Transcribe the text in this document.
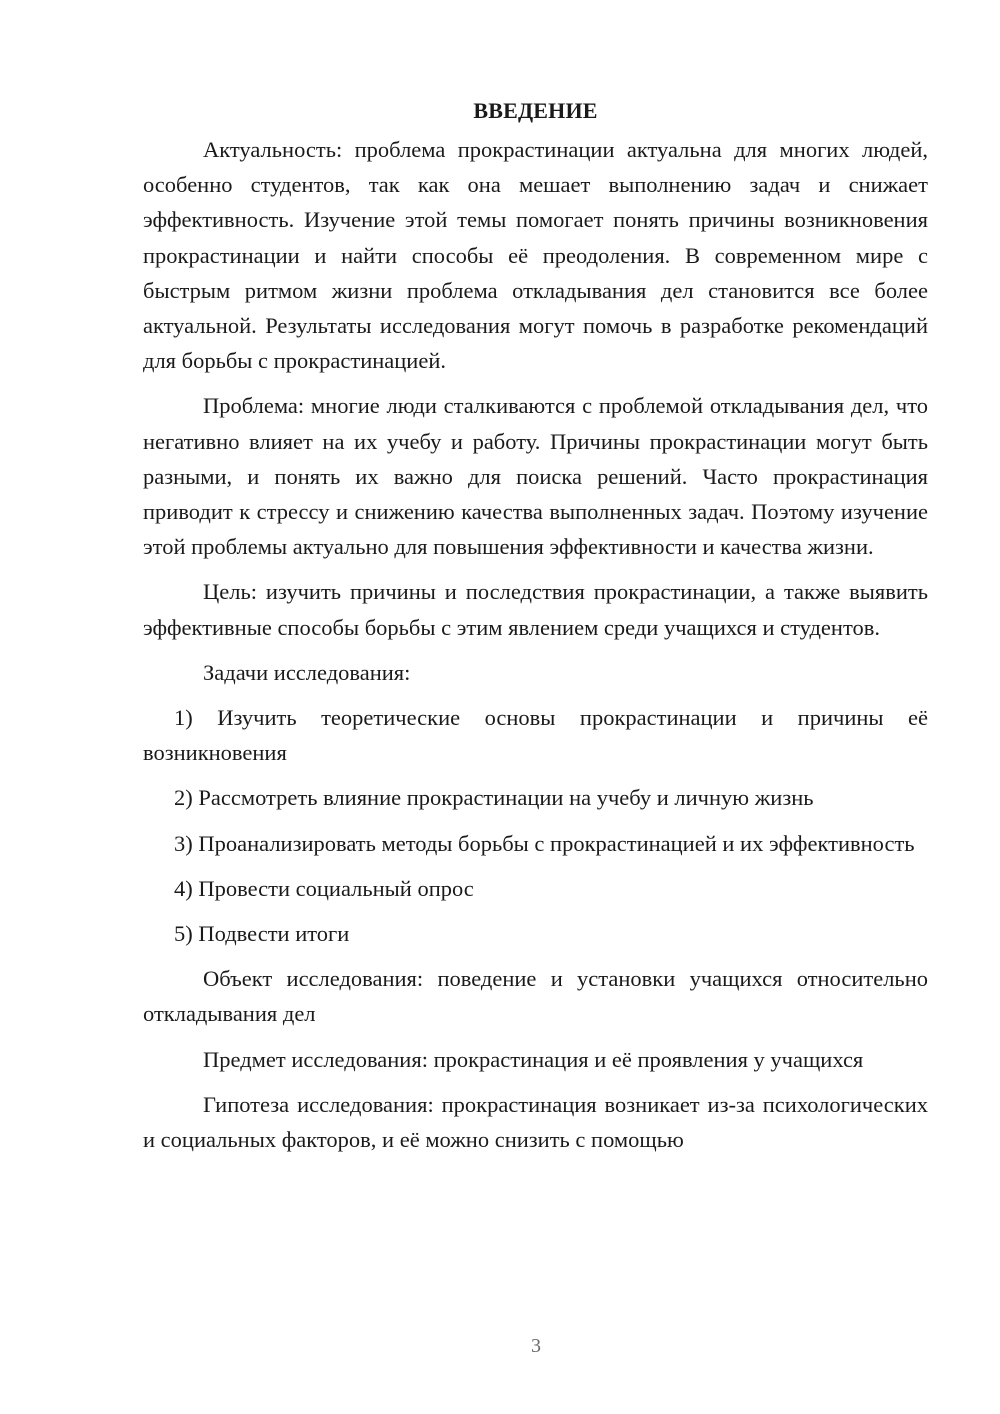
ВВЕДЕНИЕ

Актуальность: проблема прокрастинации актуальна для многих людей, особенно студентов, так как она мешает выполнению задач и снижает эффективность. Изучение этой темы помогает понять причины возникновения прокрастинации и найти способы её преодоления. В современном мире с быстрым ритмом жизни проблема откладывания дел становится все более актуальной. Результаты исследования могут помочь в разработке рекомендаций для борьбы с прокрастинацией.

Проблема: многие люди сталкиваются с проблемой откладывания дел, что негативно влияет на их учебу и работу. Причины прокрастинации могут быть разными, и понять их важно для поиска решений. Часто прокрастинация приводит к стрессу и снижению качества выполненных задач. Поэтому изучение этой проблемы актуально для повышения эффективности и качества жизни.

Цель: изучить причины и последствия прокрастинации, а также выявить эффективные способы борьбы с этим явлением среди учащихся и студентов.

Задачи исследования:

1) Изучить теоретические основы прокрастинации и причины её возникновения

2) Рассмотреть влияние прокрастинации на учебу и личную жизнь

3) Проанализировать методы борьбы с прокрастинацией и их эффективность

4) Провести социальный опрос

5) Подвести итоги

Объект исследования: поведение и установки учащихся относительно откладывания дел

Предмет исследования: прокрастинация и её проявления у учащихся

Гипотеза исследования: прокрастинация возникает из-за психологических и социальных факторов, и её можно снизить с помощью

3
